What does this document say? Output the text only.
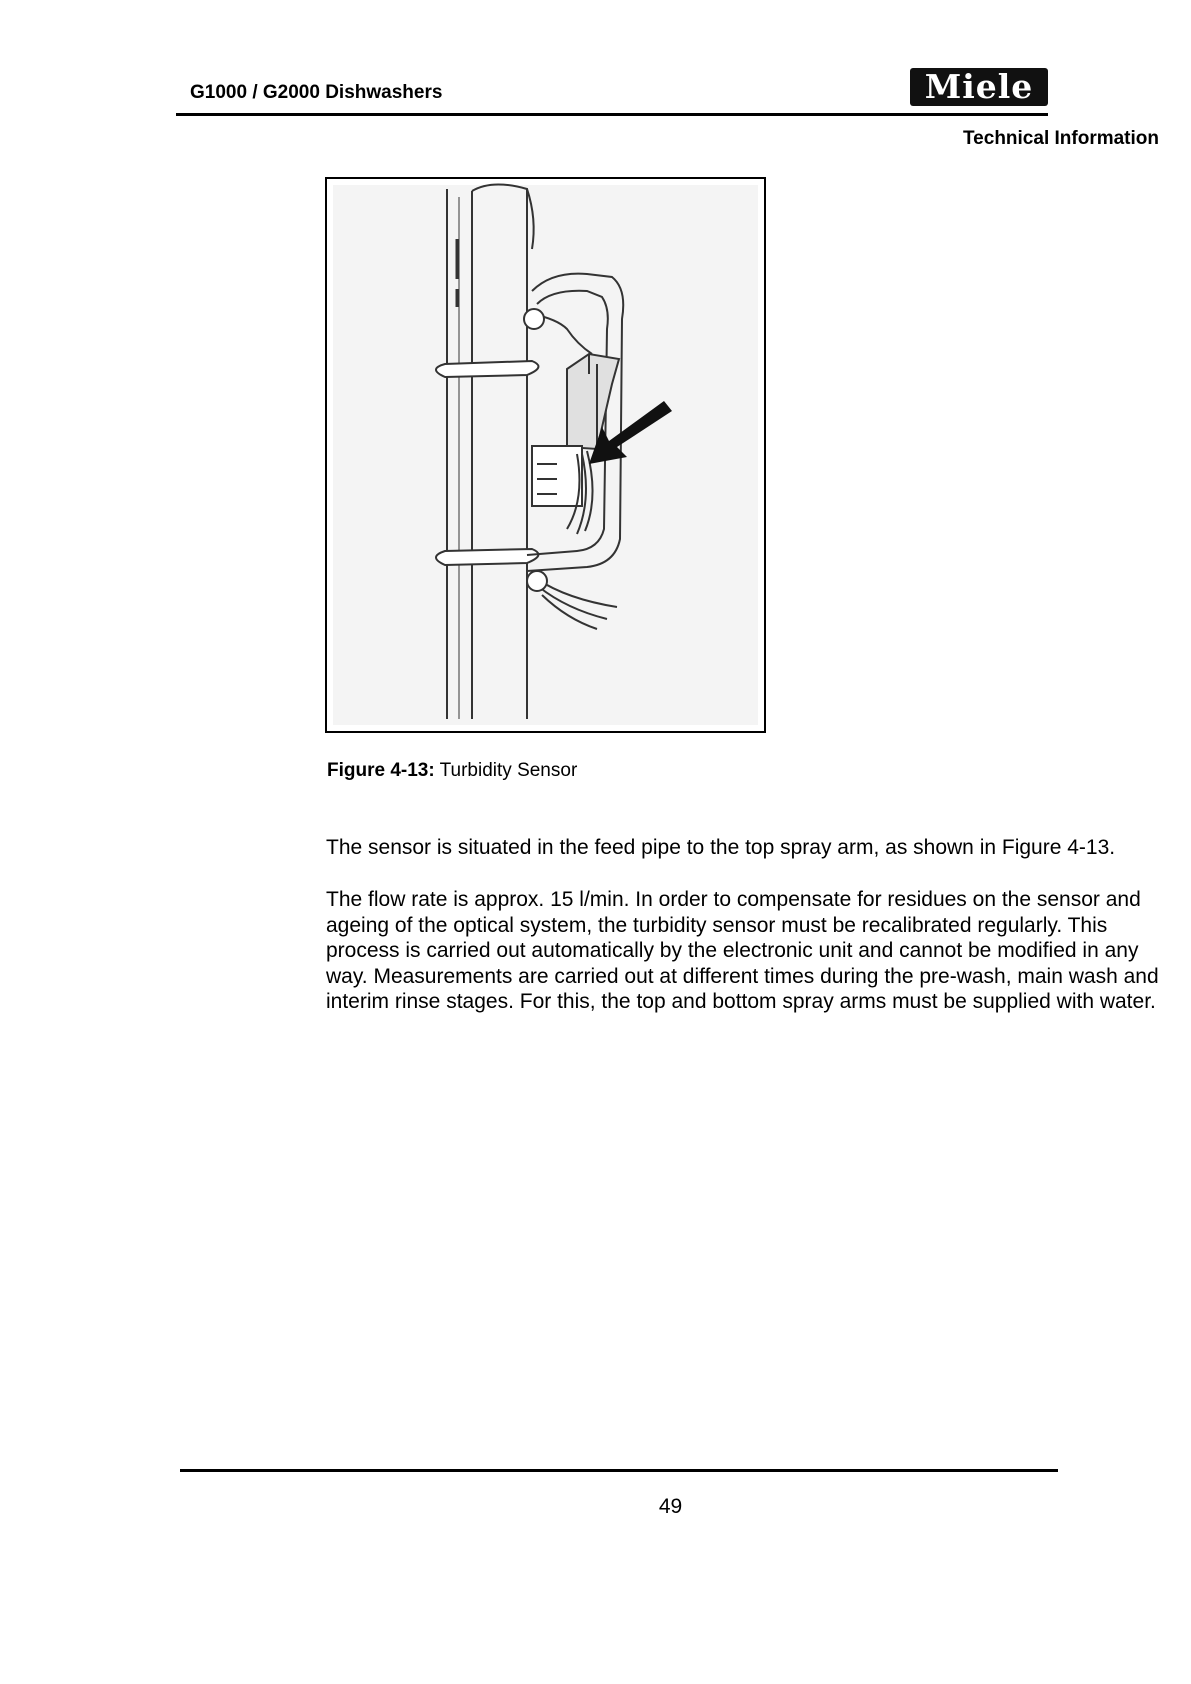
G1000 / G2000 Dishwashers	Miele
Technical Information
Figure 4-13: Turbidity Sensor
The sensor is situated in the feed pipe to the top spray arm, as shown in Figure 4-13.
The flow rate is approx. 15 l/min. In order to compensate for residues on the sensor and ageing of the optical system, the turbidity sensor must be recalibrated regularly. This process is carried out automatically by the electronic unit and cannot be modified in any way. Measurements are carried out at different times during the pre-wash, main wash and interim rinse stages. For this, the top and bottom spray arms must be supplied with water.
49
